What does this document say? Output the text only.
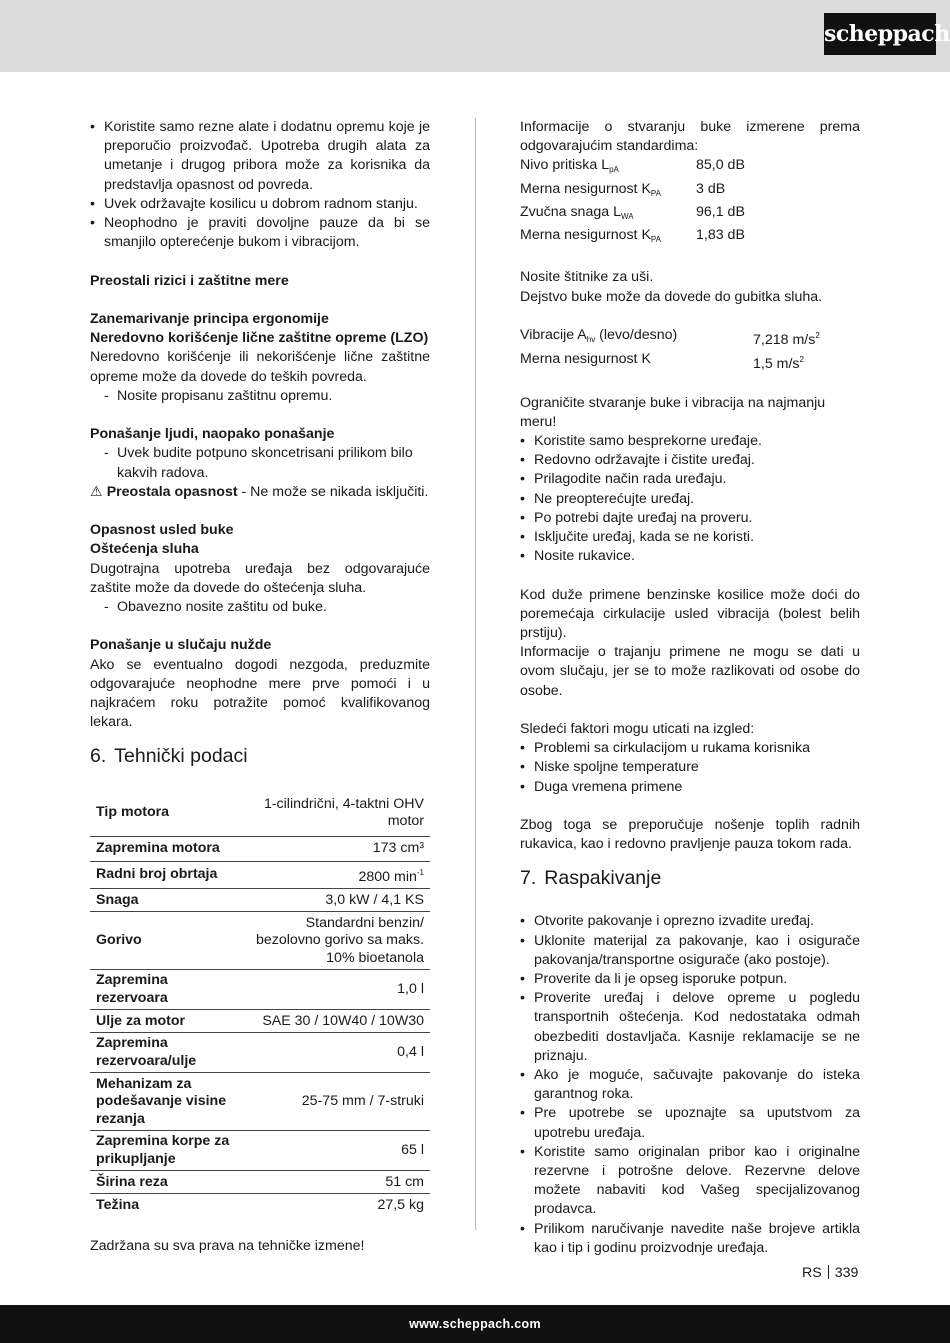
scheppach
• Koristite samo rezne alate i dodatnu opremu koje je preporučio proizvođač. Upotreba drugih alata za umetanje i drugog pribora može za korisnika da predstavlja opasnost od povreda.
• Uvek održavajte kosilicu u dobrom radnom stanju.
• Neophodno je praviti dovoljne pauze da bi se smanjilo opterećenje bukom i vibracijom.

Preostali rizici i zaštitne mere

Zanemarivanje principa ergonomije

Neredovno korišćenje lične zaštitne opreme (LZO)

Neredovno korišćenje ili nekorišćenje lične zaštitne opreme može da dovede do teških povreda.

- Nosite propisanu zaštitnu opremu.

Ponašanje ljudi, naopako ponašanje

- Uvek budite potpuno skoncetrisani prilikom bilo kakvih radova.

⚠ Preostala opasnost - Ne može se nikada isključiti.

Opasnost usled buke

Oštećenja sluha

Dugotrajna upotreba uređaja bez odgovarajuće zaštite može da dovede do oštećenja sluha.

- Obavezno nosite zaštitu od buke.

Ponašanje u slučaju nužde

Ako se eventualno dogodi nezgoda, preduzmite odgovarajuće neophodne mere prve pomoći i u najkraćem roku potražite pomoć kvalifikovanog lekara.

6. Tehnički podaci
Tip motora	1-cilindrični, 4-taktni OHV motor
Zapremina motora	173 cm³
Radni broj obrtaja	2800 $\min^{-1}$
Snaga	3,0 kW / 4,1 KS
Gorivo	Standardni benzin/ bezolovno gorivo sa maks. 10% bioetanola
Zapremina rezervoara	1,0 l
Ulje za motor	SAE 30 / 10W40 / 10W30
Zapremina rezervoara/ulje	0,4 l
Mehanizam za podešavanje visine rezanja	25-75 mm / 7-struki
Zapremina korpe za prikupljanje	65 l
Širina reza	51 cm
Težina	27,5 kg

Zadržana su sva prava na tehničke izmene!

Informacije o stvaranju buke izmerene prema odgovarajućim standardima:

Nivo pritiska $L_{pA}$	85,0 dB
Merna nesigurnost $K_{PA}$	3 dB
Zvučna snaga $L_{WA}$	96,1 dB
Merna nesigurnost $K_{PA}$	1,83 dB

Nosite štitnike za uši.

Dejstvo buke može da dovede do gubitka sluha.

Vibracije $A_{hv}$ (levo/desno)	7,218 $m/s^2$
Merna nesigurnost K	1,5 $m/s^2$

Ograničite stvaranje buke i vibracija na najmanju meru!

• Koristite samo besprekorne uređaje.
• Redovno održavajte i čistite uređaj.
• Prilagodite način rada uređaju.
• Ne preopterećujte uređaj.
• Po potrebi dajte uređaj na proveru.
• Isključite uređaj, kada se ne koristi.
• Nosite rukavice.

Kod duže primene benzinske kosilice može doći do poremećaja cirkulacije usled vibracija (bolest belih prstiju).

Informacije o trajanju primene ne mogu se dati u ovom slučaju, jer se to može razlikovati od osobe do osobe.

Sledeći faktori mogu uticati na izgled:

• Problemi sa cirkulacijom u rukama korisnika
• Niske spoljne temperature
• Duga vremena primene

Zbog toga se preporučuje nošenje toplih radnih rukavica, kao i redovno pravljenje pauza tokom rada.

7. Raspakivanje
• Otvorite pakovanje i oprezno izvadite uređaj.
• Uklonite materijal za pakovanje, kao i osigurače pakovanja/transportne osigurače (ako postoje).
• Proverite da li je opseg isporuke potpun.
• Proverite uređaj i delove opreme u pogledu transportnih oštećenja. Kod nedostataka odmah obezbediti dostavljača. Kasnije reklamacije se ne priznaju.
• Ako je moguće, sačuvajte pakovanje do isteka garantnog roka.
• Pre upotrebe se upoznajte sa uputstvom za upotrebu uređaja.
• Koristite samo originalan pribor kao i originalne rezervne i potrošne delove. Rezervne delove možete nabaviti kod Vašeg specijalizovanog prodavca.
• Prilikom naručivanje navedite naše brojeve artikla kao i tip i godinu proizvodnje uređaja.
RS 339
www.scheppach.com
